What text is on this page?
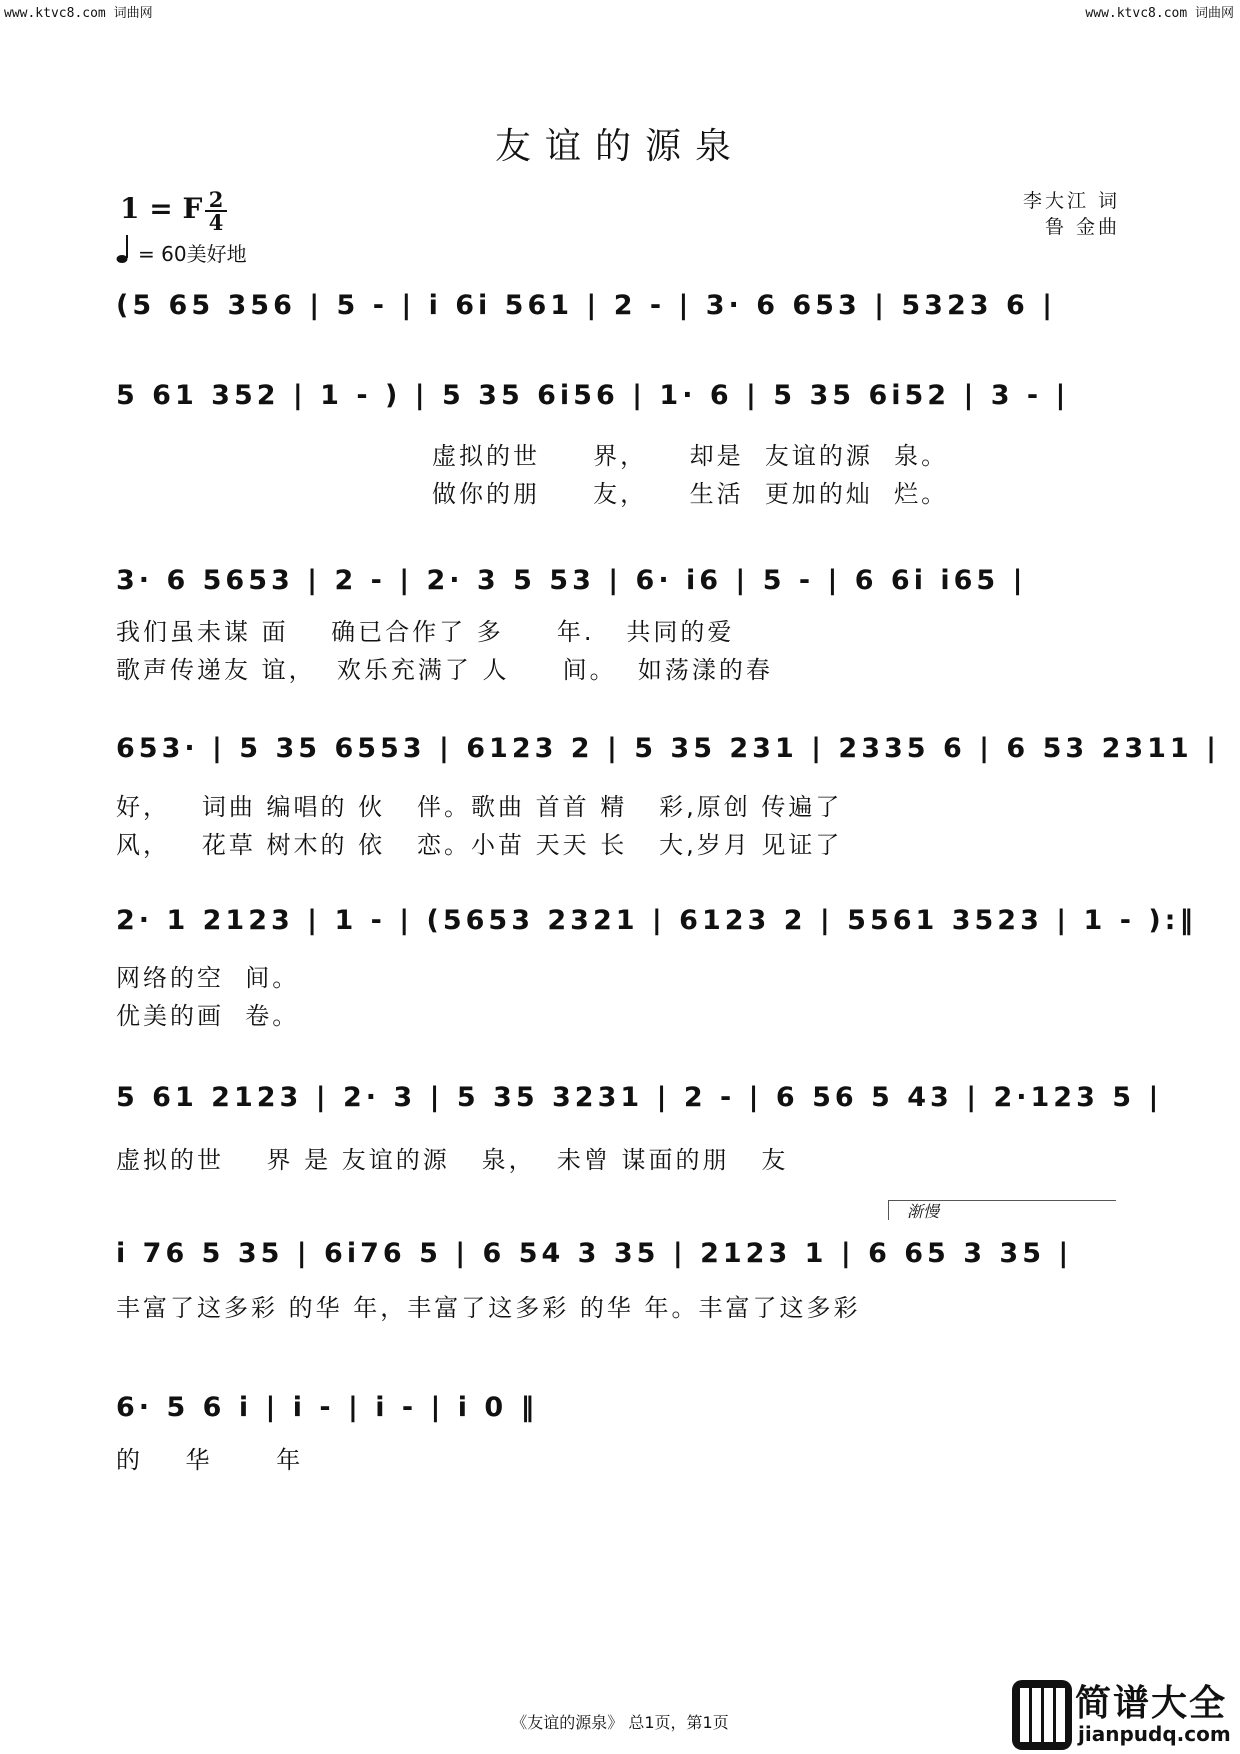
www.ktvc8.com 词曲网	www.ktvc8.com 词曲网
友谊的源泉
1 = F 2
4
= 60美好地
李大江 词
鲁 金曲
(5 65 356 | 5 - | i 6i 561 | 2 - | 3· 6 653 | 5323 6 |
5 61 352 | 1 - ) | 5 35 6i56 | 1· 6 | 5 35 6i52 | 3 - |
虚拟的世     界，    却是  友谊的源  泉。
做你的朋     友，    生活  更加的灿  烂。
3· 6 5653 | 2 - | 2· 3 5 53 | 6· i6 | 5 - | 6 6i i65 |
我们虽未谋 面    确已合作了 多     年.   共同的爱
歌声传递友 谊，  欢乐充满了 人     间。  如荡漾的春
653· | 5 35 6553 | 6123 2 | 5 35 231 | 2335 6 | 6 53 2311 |
好，   词曲 编唱的 伙   伴。歌曲 首首 精   彩,原创 传遍了
风，   花草 树木的 依   恋。小苗 天天 长   大,岁月 见证了
2· 1 2123 | 1 - | (5653 2321 | 6123 2 | 5561 3523 | 1 - ):‖
网络的空  间。
优美的画  卷。
5 61 2123 | 2· 3 | 5 35 3231 | 2 - | 6 56 5 43 | 2·123 5 |
虚拟的世    界 是 友谊的源   泉，  未曾 谋面的朋   友
渐慢
i 76 5 35 | 6i76 5 | 6 54 3 35 | 2123 1 | 6 65 3 35 |
丰富了这多彩 的华 年，丰富了这多彩 的华 年。丰富了这多彩
6· 5 6 i | i - | i - | i 0 ‖
的    华      年
《友谊的源泉》 总1页，第1页	简谱大全
jianpudq.com
